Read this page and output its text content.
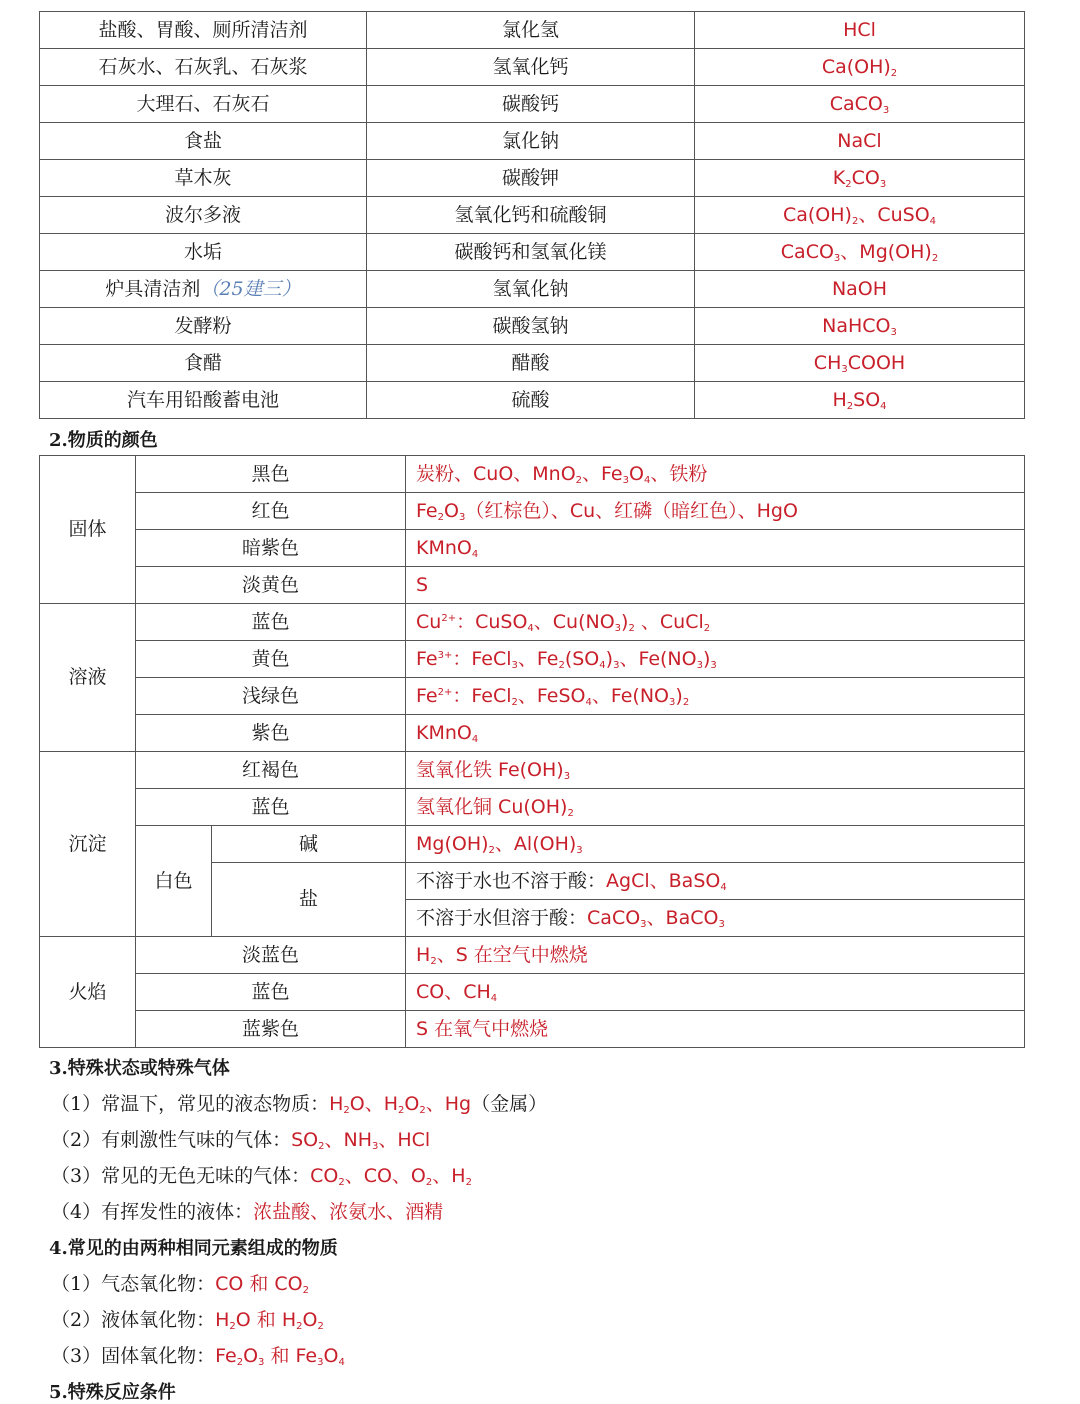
盐酸、胃酸、厕所清洁剂	氯化氢	HCl
石灰水、石灰乳、石灰浆	氢氧化钙	$Ca(OH)_2$
大理石、石灰石	碳酸钙	CaCO$_3$
食盐	氯化钠	NaCl
草木灰	碳酸钾	$K_2CO_3$
波尔多液	氢氧化钙和硫酸铜	$Ca(OH)_2$、CuSO$_4$
水垢	碳酸钙和氢氧化镁	CaCO$_3$、$Mg(OH)_2$
炉具清洁剂（25建三）	氢氧化钠	NaOH
发酵粉	碳酸氢钠	NaHCO$_3$
食醋	醋酸	$CH_3COOH$
汽车用铅酸蓄电池	硫酸	$H_2SO_4$
2.物质的颜色
固体	黑色		炭粉、CuO、MnO$_2$、$Fe_3O_4$、铁粉
	红色		$Fe_2O_3$（红棕色）、Cu、红磷（暗红色）、HgO
	暗紫色		KMnO$_4$
	淡黄色		S
溶液	蓝色		$Cu^{2+}$：CuSO$_4$、$Cu(NO_3)_2$ 、CuCl$_2$
	黄色		$Fe^{3+}$：FeCl$_3$、$Fe_2(SO_4)_3$、$Fe(NO_3)_3$
	浅绿色		$Fe^{2+}$：FeCl$_2$、FeSO$_4$、$Fe(NO_3)_2$
	紫色		KMnO$_4$
沉淀	红褐色		氢氧化铁 $Fe(OH)_3$
	蓝色		氢氧化铜 $Cu(OH)_2$
	白色	碱	$Mg(OH)_2$、$Al(OH)_3$
		盐	不溶于水也不溶于酸：AgCl、BaSO$_4$
			不溶于水但溶于酸：CaCO$_3$、BaCO$_3$
火焰	淡蓝色		$H_2$、S 在空气中燃烧
	蓝色		CO、$CH_4$
	蓝紫色		S 在氧气中燃烧
3.特殊状态或特殊气体
（1）常温下，常见的液态物质：$H_2O$、$H_2O_2$、Hg（金属）
（2）有刺激性气味的气体：$SO_2$、$NH_3$、HCl
（3）常见的无色无味的气体：$CO_2$、CO、$O_2$、$H_2$
（4）有挥发性的液体：浓盐酸、浓氨水、酒精
4.常见的由两种相同元素组成的物质
（1）气态氧化物：CO 和 $CO_2$
（2）液体氧化物：$H_2O$ 和 $H_2O_2$
（3）固体氧化物：$Fe_2O_3$ 和 $Fe_3O_4$
5.特殊反应条件
